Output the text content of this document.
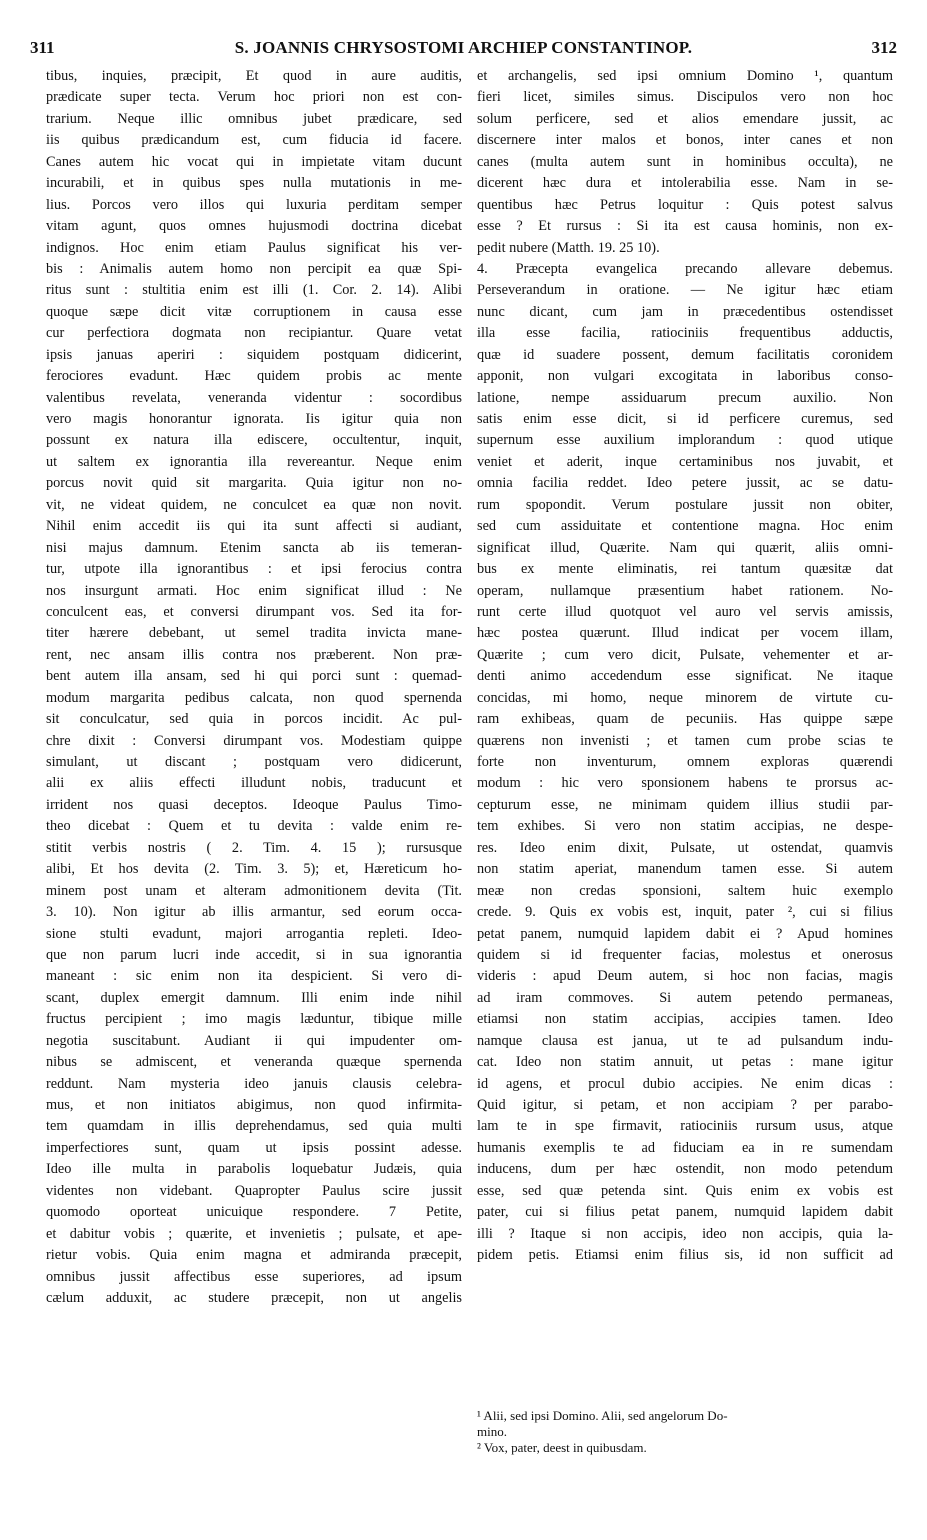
311	S. JOANNIS CHRYSOSTOMI ARCHIEP CONSTANTINOP.	312

tibus, inquies, præcipit, Et quod in aure auditis,

prædicate super tecta. Verum hoc priori non est con-

trarium. Neque illic omnibus jubet prædicare, sed

iis quibus prædicandum est, cum fiducia id facere.

Canes autem hic vocat qui in impietate vitam ducunt

incurabili, et in quibus spes nulla mutationis in me-

lius. Porcos vero illos qui luxuria perditam semper

vitam agunt, quos omnes hujusmodi doctrina dicebat

indignos. Hoc enim etiam Paulus significat his ver-

bis : Animalis autem homo non percipit ea quæ Spi-

ritus sunt : stultitia enim est illi (1. Cor. 2. 14). Alibi

quoque sæpe dicit vitæ corruptionem in causa esse

cur perfectiora dogmata non recipiantur. Quare vetat

ipsis januas aperiri : siquidem postquam didicerint,

ferociores evadunt. Hæc quidem probis ac mente

valentibus revelata, veneranda videntur : socordibus

vero magis honorantur ignorata. Iis igitur quia non

possunt ex natura illa ediscere, occultentur, inquit,

ut saltem ex ignorantia illa revereantur. Neque enim

porcus novit quid sit margarita. Quia igitur non no-

vit, ne videat quidem, ne conculcet ea quæ non novit.

Nihil enim accedit iis qui ita sunt affecti si audiant,

nisi majus damnum. Etenim sancta ab iis temeran-

tur, utpote illa ignorantibus : et ipsi ferocius contra

nos insurgunt armati. Hoc enim significat illud : Ne

conculcent eas, et conversi dirumpant vos. Sed ita for-

titer hærere debebant, ut semel tradita invicta mane-

rent, nec ansam illis contra nos præberent. Non præ-

bent autem illa ansam, sed hi qui porci sunt : quemad-

modum margarita pedibus calcata, non quod spernenda

sit conculcatur, sed quia in porcos incidit. Ac pul-

chre dixit : Conversi dirumpant vos. Modestiam quippe

simulant, ut discant ; postquam vero didicerunt,

alii ex aliis effecti illudunt nobis, traducunt et

irrident nos quasi deceptos. Ideoque Paulus Timo-

theo dicebat : Quem et tu devita : valde enim re-

stitit verbis nostris ( 2. Tim. 4. 15 ); rursusque

alibi, Et hos devita (2. Tim. 3. 5); et, Hæreticum ho-

minem post unam et alteram admonitionem devita (Tit.

3. 10). Non igitur ab illis armantur, sed eorum occa-

sione stulti evadunt, majori arrogantia repleti. Ideo-

que non parum lucri inde accedit, si in sua ignorantia

maneant : sic enim non ita despicient. Si vero di-

scant, duplex emergit damnum. Illi enim inde nihil

fructus percipient ; imo magis læduntur, tibique mille

negotia suscitabunt. Audiant ii qui impudenter om-

nibus se admiscent, et veneranda quæque spernenda

reddunt. Nam mysteria ideo januis clausis celebra-

mus, et non initiatos abigimus, non quod infirmita-

tem quamdam in illis deprehendamus, sed quia multi

imperfectiores sunt, quam ut ipsis possint adesse.

Ideo ille multa in parabolis loquebatur Judæis, quia

videntes non videbant. Quapropter Paulus scire jussit

quomodo oporteat unicuique respondere. 7 Petite,

et dabitur vobis ; quærite, et invenietis ; pulsate, et ape-

rietur vobis. Quia enim magna et admiranda præcepit,

omnibus jussit affectibus esse superiores, ad ipsum

cælum adduxit, ac studere præcepit, non ut angelis

et archangelis, sed ipsi omnium Domino ¹, quantum

fieri licet, similes simus. Discipulos vero non hoc

solum perficere, sed et alios emendare jussit, ac

discernere inter malos et bonos, inter canes et non

canes (multa autem sunt in hominibus occulta), ne

dicerent hæc dura et intolerabilia esse. Nam in se-

quentibus hæc Petrus loquitur : Quis potest salvus

esse ? Et rursus : Si ita est causa hominis, non ex-

pedit nubere (Matth. 19. 25 10).

4. Præcepta evangelica precando allevare debemus.

Perseverandum in oratione. — Ne igitur hæc etiam

nunc dicant, cum jam in præcedentibus ostendisset

illa esse facilia, ratiociniis frequentibus adductis,

quæ id suadere possent, demum facilitatis coronidem

apponit, non vulgari excogitata in laboribus conso-

latione, nempe assiduarum precum auxilio. Non

satis enim esse dicit, si id perficere curemus, sed

supernum esse auxilium implorandum : quod utique

veniet et aderit, inque certaminibus nos juvabit, et

omnia facilia reddet. Ideo petere jussit, ac se datu-

rum spopondit. Verum postulare jussit non obiter,

sed cum assiduitate et contentione magna. Hoc enim

significat illud, Quærite. Nam qui quærit, aliis omni-

bus ex mente eliminatis, rei tantum quæsitæ dat

operam, nullamque præsentium habet rationem. No-

runt certe illud quotquot vel auro vel servis amissis,

hæc postea quærunt. Illud indicat per vocem illam,

Quærite ; cum vero dicit, Pulsate, vehementer et ar-

denti animo accedendum esse significat. Ne itaque

concidas, mi homo, neque minorem de virtute cu-

ram exhibeas, quam de pecuniis. Has quippe sæpe

quærens non invenisti ; et tamen cum probe scias te

forte non inventurum, omnem exploras quærendi

modum : hic vero sponsionem habens te prorsus ac-

cepturum esse, ne minimam quidem illius studii par-

tem exhibes. Si vero non statim accipias, ne despe-

res. Ideo enim dixit, Pulsate, ut ostendat, quamvis

non statim aperiat, manendum tamen esse. Si autem

meæ non credas sponsioni, saltem huic exemplo

crede. 9. Quis ex vobis est, inquit, pater ², cui si filius

petat panem, numquid lapidem dabit ei ? Apud homines

quidem si id frequenter facias, molestus et onerosus

videris : apud Deum autem, si hoc non facias, magis

ad iram commoves. Si autem petendo permaneas,

etiamsi non statim accipias, accipies tamen. Ideo

namque clausa est janua, ut te ad pulsandum indu-

cat. Ideo non statim annuit, ut petas : mane igitur

id agens, et procul dubio accipies. Ne enim dicas :

Quid igitur, si petam, et non accipiam ? per parabo-

lam te in spe firmavit, ratiociniis rursum usus, atque

humanis exemplis te ad fiduciam ea in re sumendam

inducens, dum per hæc ostendit, non modo petendum

esse, sed quæ petenda sint. Quis enim ex vobis est

pater, cui si filius petat panem, numquid lapidem dabit

illi ? Itaque si non accipis, ideo non accipis, quia la-

pidem petis. Etiamsi enim filius sis, id non sufficit ad

¹ Alii, sed ipsi Domino. Alii, sed angelorum Do-

mino.

² Vox, pater, deest in quibusdam.
